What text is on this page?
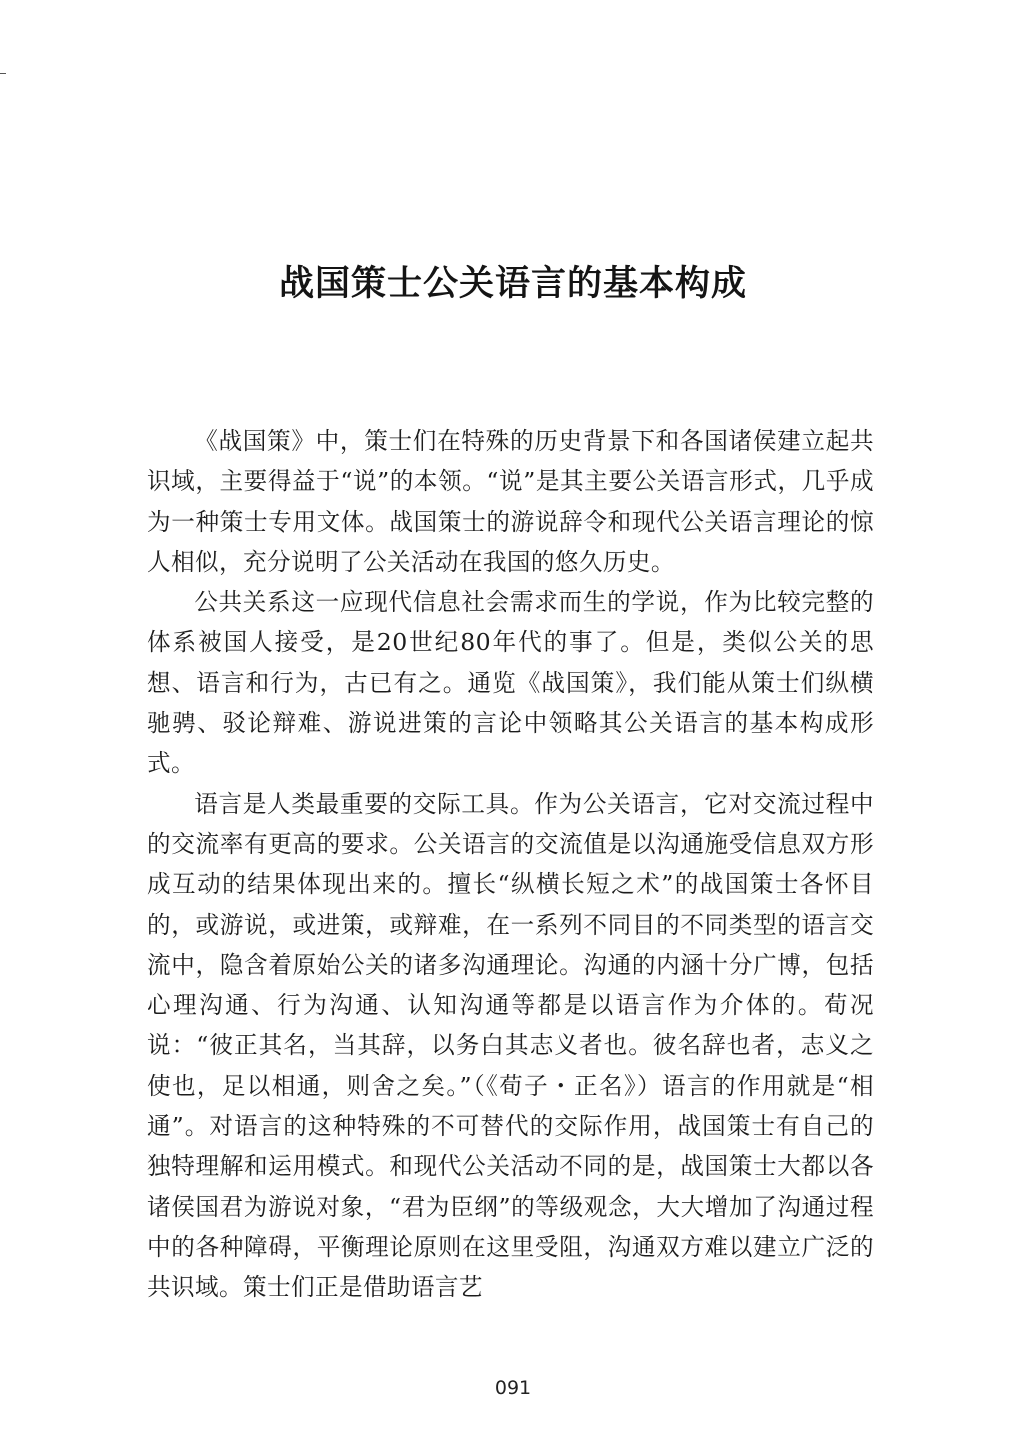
战国策士公关语言的基本构成

《战国策》中，策士们在特殊的历史背景下和各国诸侯建立起共识域，主要得益于“说”的本领。“说”是其主要公关语言形式，几乎成为一种策士专用文体。战国策士的游说辞令和现代公关语言理论的惊人相似，充分说明了公关活动在我国的悠久历史。

公共关系这一应现代信息社会需求而生的学说，作为比较完整的体系被国人接受，是20世纪80年代的事了。但是，类似公关的思想、语言和行为，古已有之。通览《战国策》，我们能从策士们纵横驰骋、驳论辩难、游说进策的言论中领略其公关语言的基本构成形式。

语言是人类最重要的交际工具。作为公关语言，它对交流过程中的交流率有更高的要求。公关语言的交流值是以沟通施受信息双方形成互动的结果体现出来的。擅长“纵横长短之术”的战国策士各怀目的，或游说，或进策，或辩难，在一系列不同目的不同类型的语言交流中，隐含着原始公关的诸多沟通理论。沟通的内涵十分广博，包括心理沟通、行为沟通、认知沟通等都是以语言作为介体的。荀况说：“彼正其名，当其辞，以务白其志义者也。彼名辞也者，志义之使也，足以相通，则舍之矣。”（《荀子・正名》）语言的作用就是“相通”。对语言的这种特殊的不可替代的交际作用，战国策士有自己的独特理解和运用模式。和现代公关活动不同的是，战国策士大都以各诸侯国君为游说对象，“君为臣纲”的等级观念，大大增加了沟通过程中的各种障碍，平衡理论原则在这里受阻，沟通双方难以建立广泛的共识域。策士们正是借助语言艺

091
